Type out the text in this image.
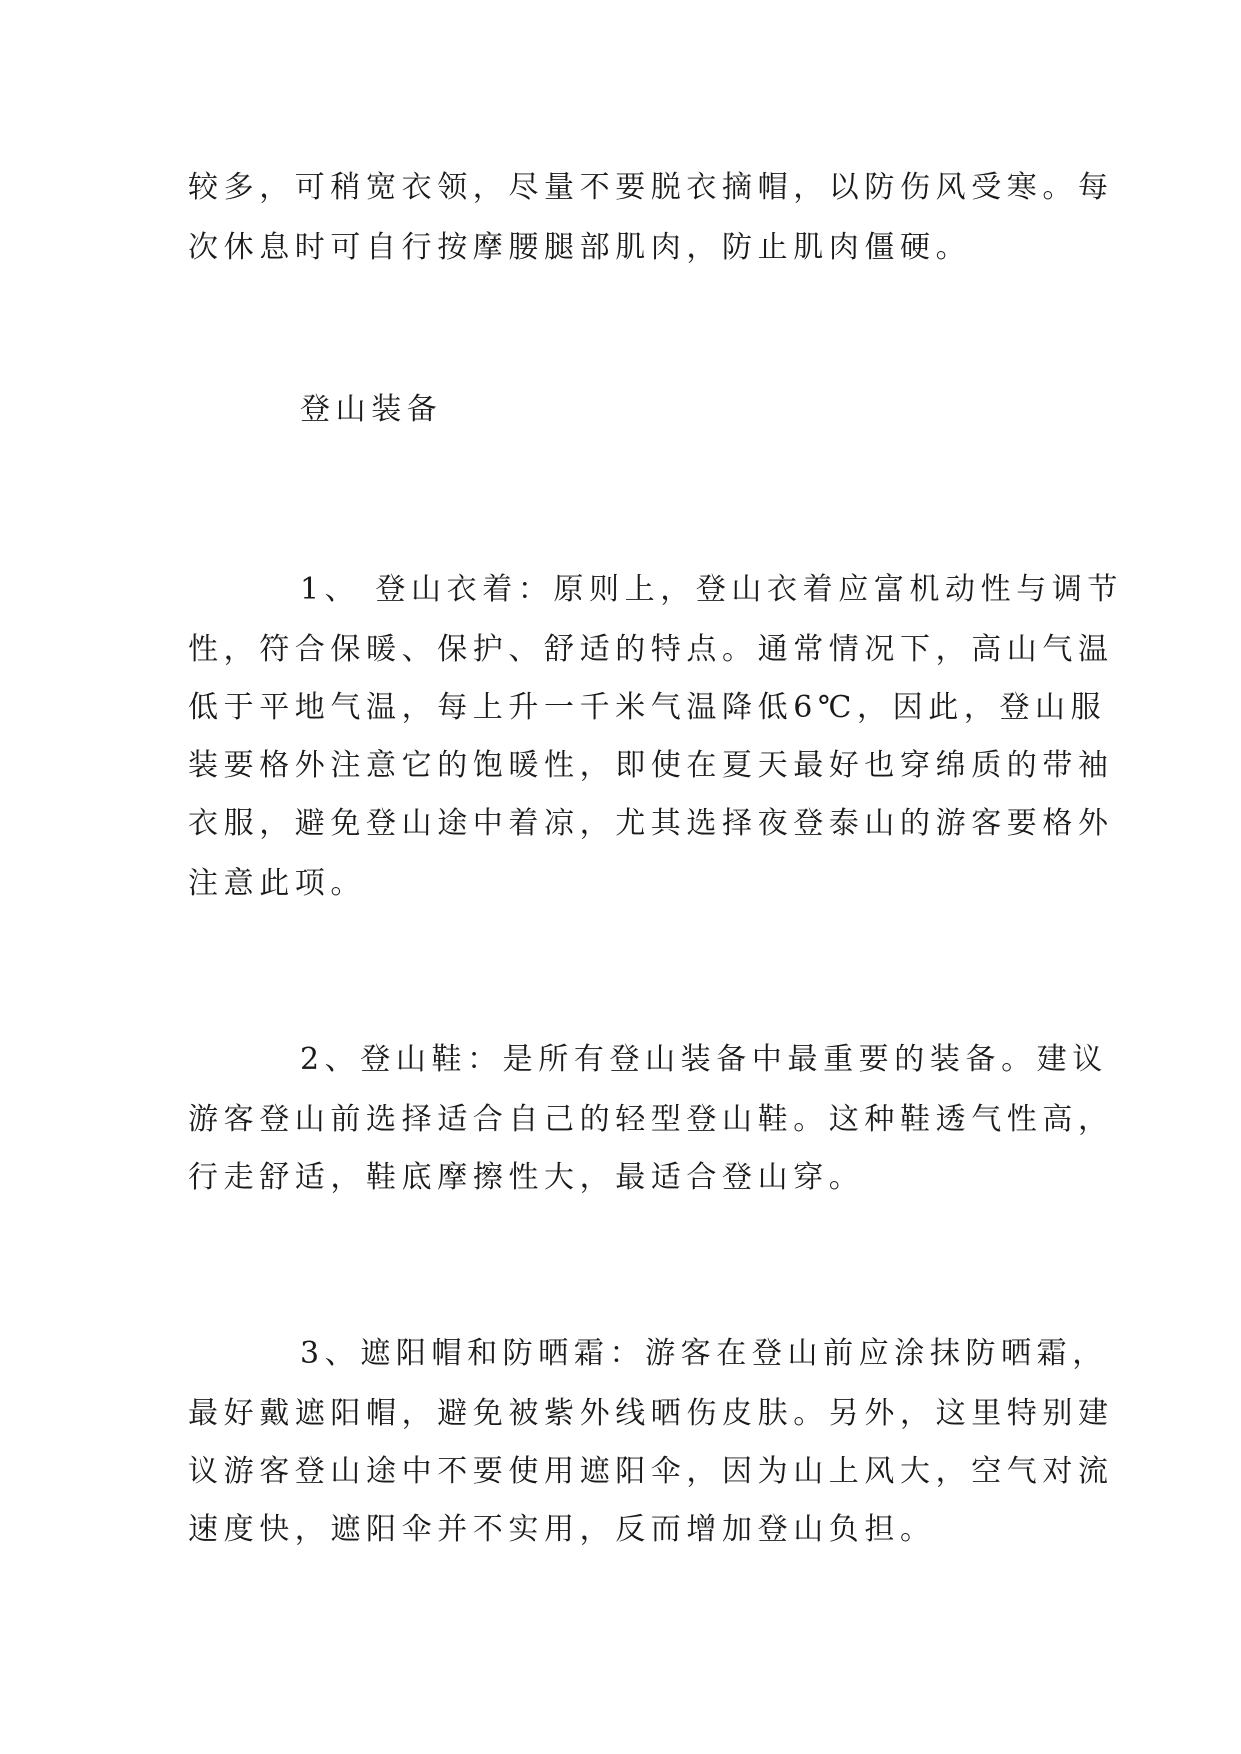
较多，可稍宽衣领，尽量不要脱衣摘帽，以防伤风受寒。每
次休息时可自行按摩腰腿部肌肉，防止肌肉僵硬。
登山装备
1、 登山衣着：原则上，登山衣着应富机动性与调节
性，符合保暖、保护、舒适的特点。通常情况下，高山气温
低于平地气温，每上升一千米气温降低6℃，因此，登山服
装要格外注意它的饱暖性，即使在夏天最好也穿绵质的带袖
衣服，避免登山途中着凉，尤其选择夜登泰山的游客要格外
注意此项。
2、登山鞋：是所有登山装备中最重要的装备。建议
游客登山前选择适合自己的轻型登山鞋。这种鞋透气性高，
行走舒适，鞋底摩擦性大，最适合登山穿。
3、遮阳帽和防晒霜：游客在登山前应涂抹防晒霜，
最好戴遮阳帽，避免被紫外线晒伤皮肤。另外，这里特别建
议游客登山途中不要使用遮阳伞，因为山上风大，空气对流
速度快，遮阳伞并不实用，反而增加登山负担。
